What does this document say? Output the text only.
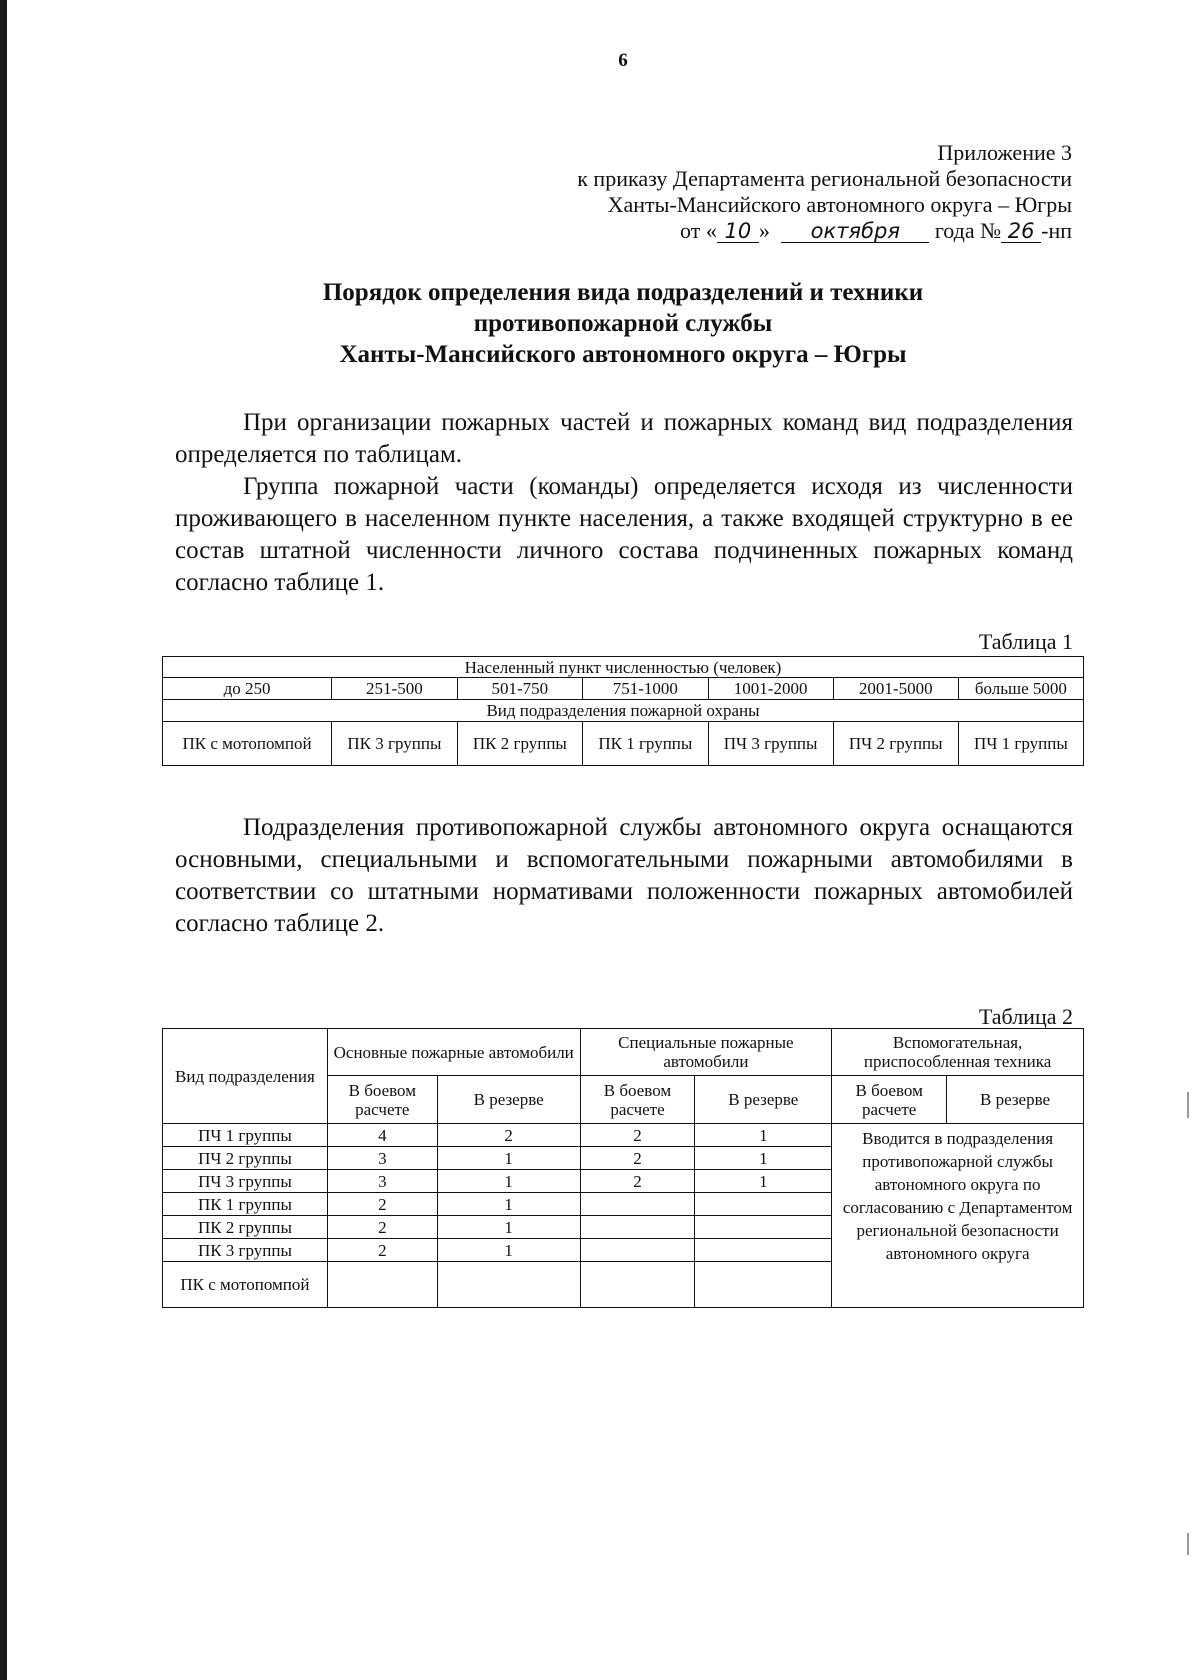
6
Приложение 3
к приказу Департамента региональной безопасности
Ханты-Мансийского автономного округа – Югры
от « 10 » октября года № 26 -нп
Порядок определения вида подразделений и техники
противопожарной службы
Ханты-Мансийского автономного округа – Югры
При организации пожарных частей и пожарных команд вид подразделения определяется по таблицам.
Группа пожарной части (команды) определяется исходя из численности проживающего в населенном пункте населения, а также входящей структурно в ее состав штатной численности личного состава подчиненных пожарных команд согласно таблице 1.
Таблица 1
Населенный пункт численностью (человек)						
до 250	251-500	501-750	751-1000	1001-2000	2001-5000	больше 5000
Вид подразделения пожарной охраны						
ПК с мотопомпой	ПК 3 группы	ПК 2 группы	ПК 1 группы	ПЧ 3 группы	ПЧ 2 группы	ПЧ 1 группы
Подразделения противопожарной службы автономного округа оснащаются основными, специальными и вспомогательными пожарными автомобилями в соответствии со штатными нормативами положенности пожарных автомобилей согласно таблице 2.
Таблица 2
Вид подразделения	Основные пожарные автомобили		Специальные пожарные автомобили		Вспомогательная, приспособленная техника	
	В боевом расчете	В резерве	В боевом расчете	В резерве	В боевом расчете	В резерве
ПЧ 1 группы	4	2	2	1	Вводится в подразделения противопожарной службы автономного округа по согласованию с Департаментом региональной безопасности автономного округа	
ПЧ 2 группы	3	1	2	1		
ПЧ 3 группы	3	1	2	1		
ПК 1 группы	2	1				
ПК 2 группы	2	1				
ПК 3 группы	2	1				
ПК с мотопомпой						
